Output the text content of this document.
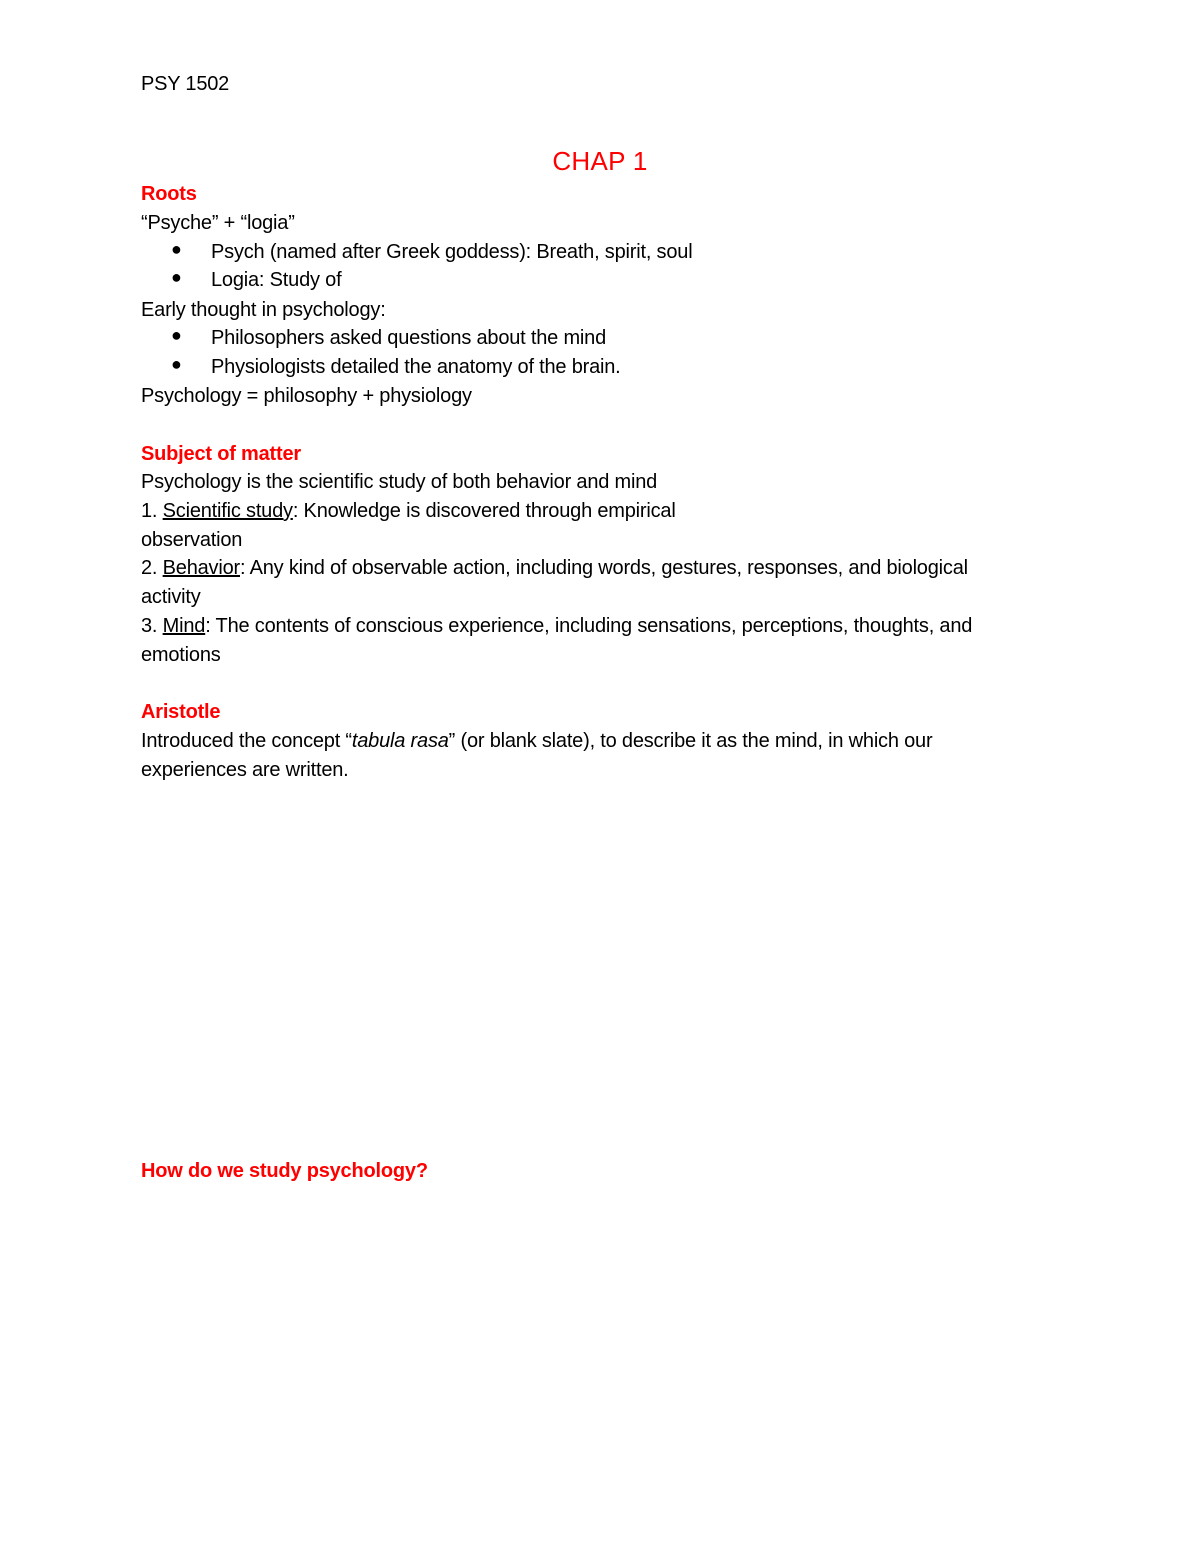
PSY 1502
CHAP 1
Roots
“Psyche” + “logia”
● Psych (named after Greek goddess): Breath, spirit, soul
● Logia: Study of
Early thought in psychology:
● Philosophers asked questions about the mind
● Physiologists detailed the anatomy of the brain.
Psychology = philosophy + physiology
Subject of matter
Psychology is the scientific study of both behavior and mind
1. Scientific study: Knowledge is discovered through empirical
observation
2. Behavior: Any kind of observable action, including words, gestures, responses, and biological
activity
3. Mind: The contents of conscious experience, including sensations, perceptions, thoughts, and
emotions
Aristotle
Introduced the concept “tabula rasa” (or blank slate), to describe it as the mind, in which our
experiences are written.
How do we study psychology?
